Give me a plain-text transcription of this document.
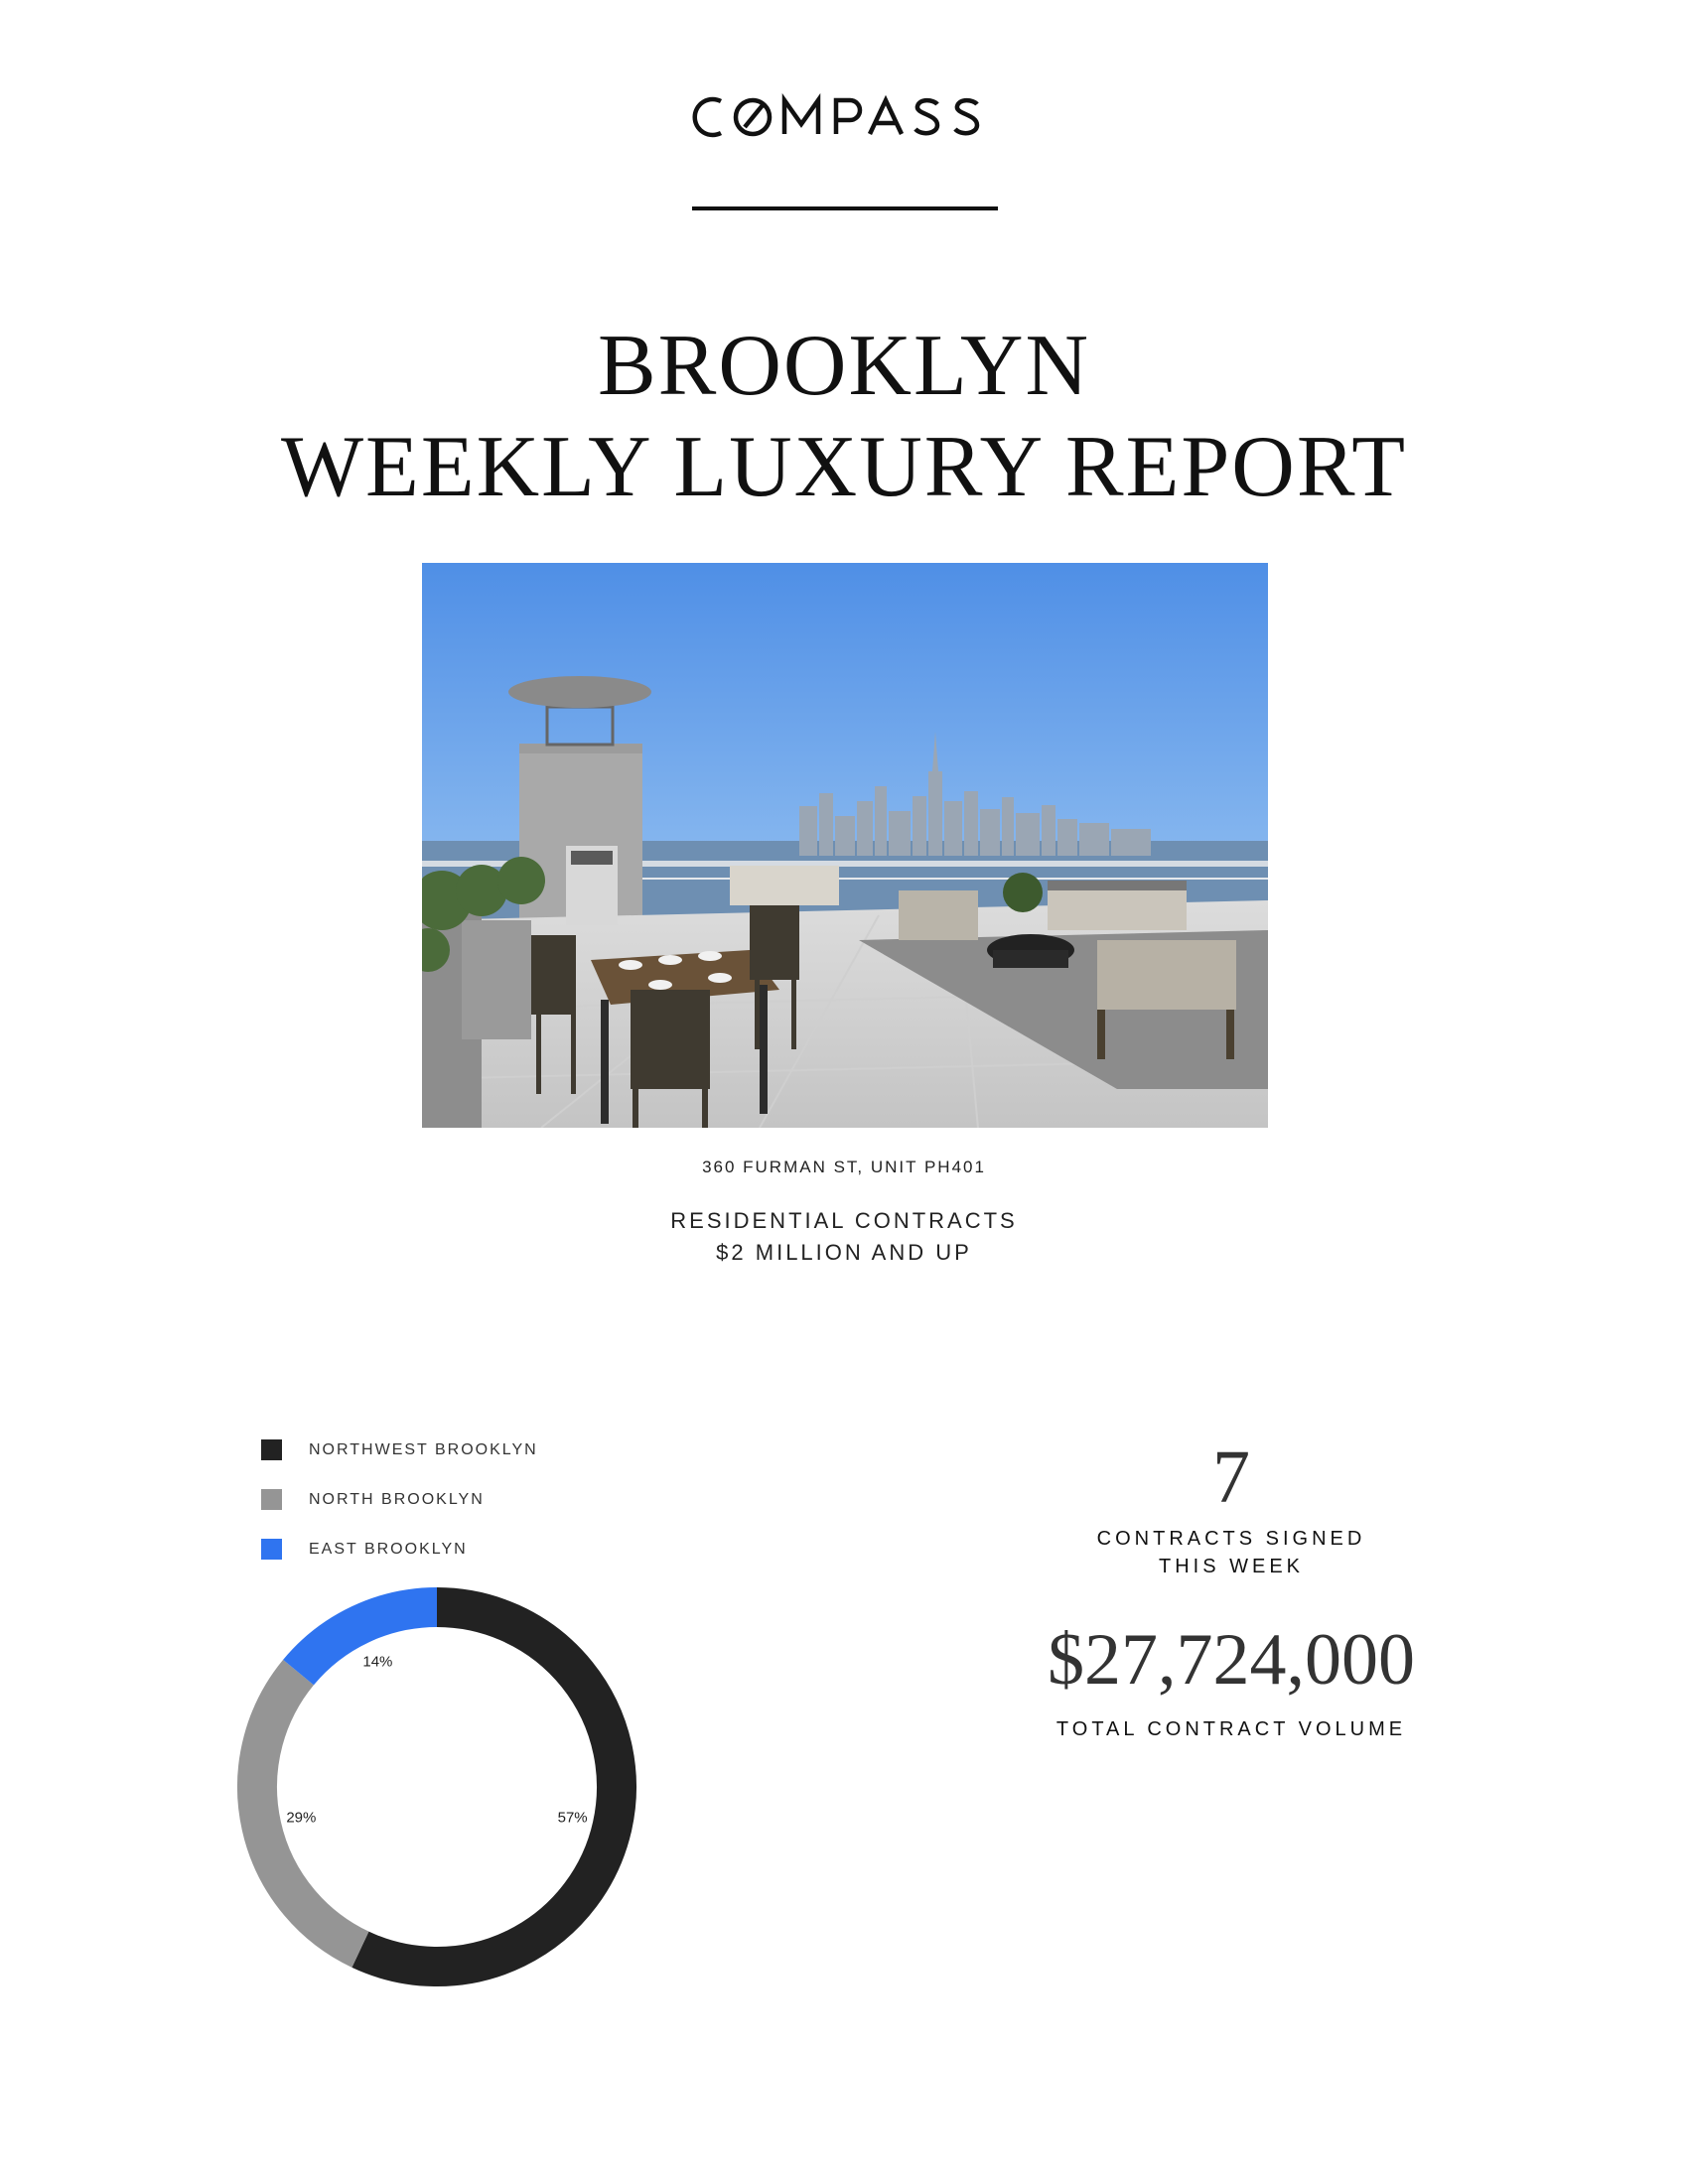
BROOKLYN
WEEKLY LUXURY REPORT
360 FURMAN ST, UNIT PH401
RESIDENTIAL CONTRACTS
$2 MILLION AND UP
NORTHWEST BROOKLYN
NORTH BROOKLYN
EAST BROOKLYN
57%
29%
14%
7
CONTRACTS SIGNED
THIS WEEK
$27,724,000
TOTAL CONTRACT VOLUME
